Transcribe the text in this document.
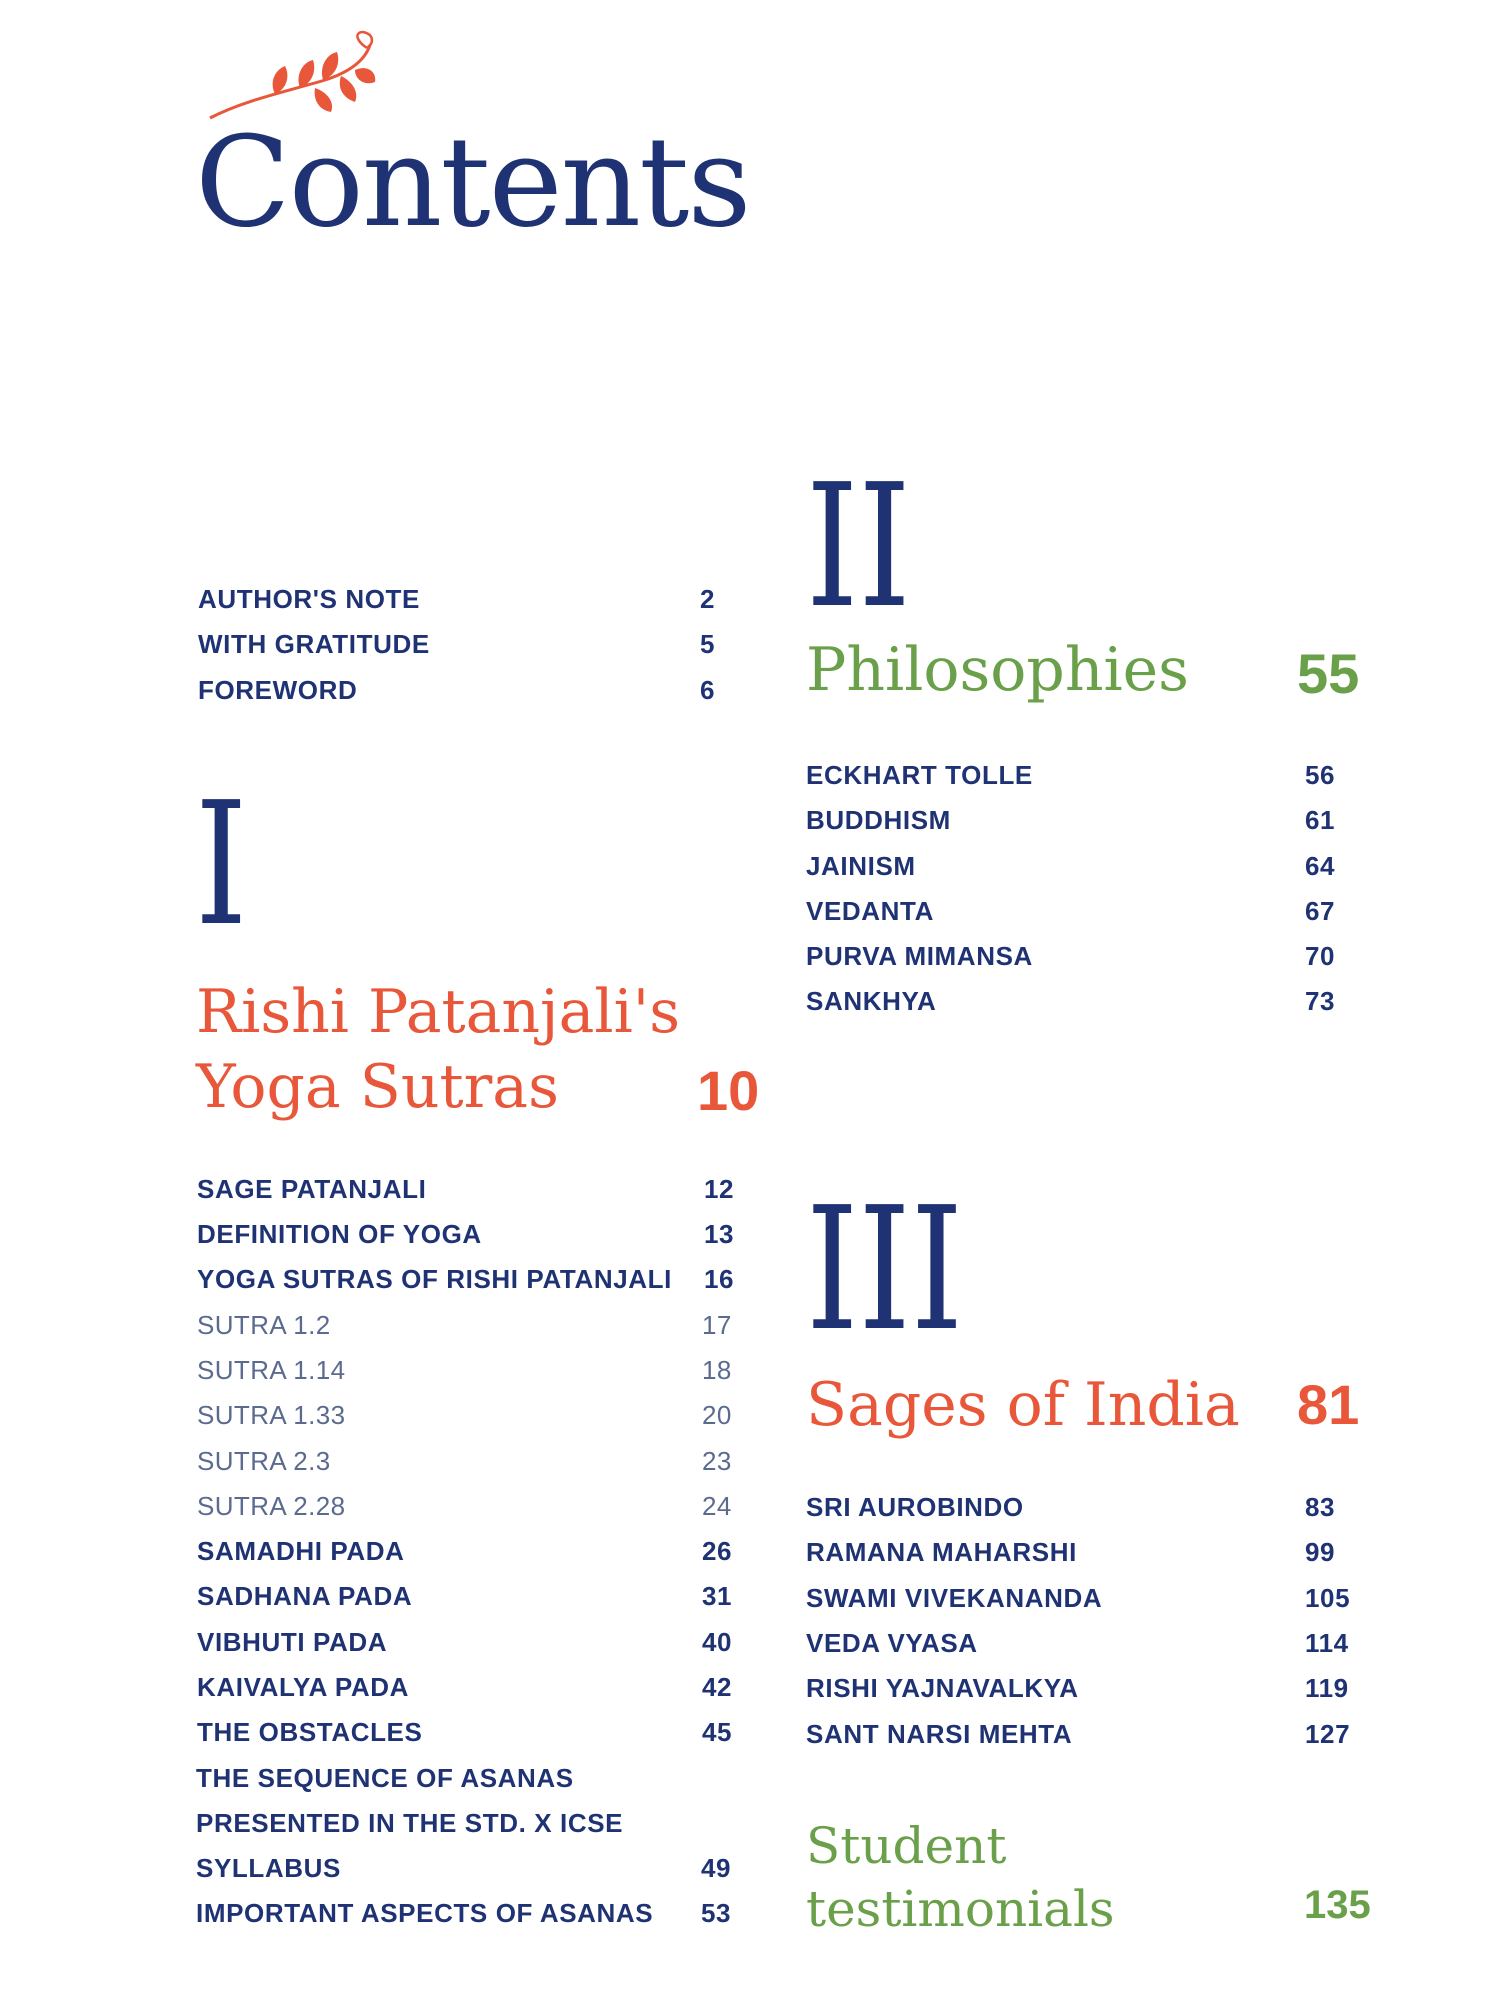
Contents
AUTHOR'S NOTE	2
WITH GRATITUDE	5
FOREWORD	6
I
Rishi Patanjali's
Yoga Sutras	10
SAGE PATANJALI	12
DEFINITION OF YOGA	13
YOGA SUTRAS OF RISHI PATANJALI 16
SUTRA 1.2	17
SUTRA 1.14	18
SUTRA 1.33	20
SUTRA 2.3	23
SUTRA 2.28	24
SAMADHI PADA	26
SADHANA PADA	31
VIBHUTI PADA	40
KAIVALYA PADA	42
THE OBSTACLES	45
THE SEQUENCE OF ASANAS
PRESENTED IN THE STD. X ICSE
SYLLABUS	49
IMPORTANT ASPECTS OF ASANAS 53
II
Philosophies 55
ECKHART TOLLE	56
BUDDHISM	61
JAINISM	64
VEDANTA	67
PURVA MIMANSA	70
SANKHYA	73
III
Sages of India 81
SRI AUROBINDO	83
RAMANA MAHARSHI	99
SWAMI VIVEKANANDA	105
VEDA VYASA	114
RISHI YAJNAVALKYA	119
SANT NARSI MEHTA	127
Student
testimonials	135
